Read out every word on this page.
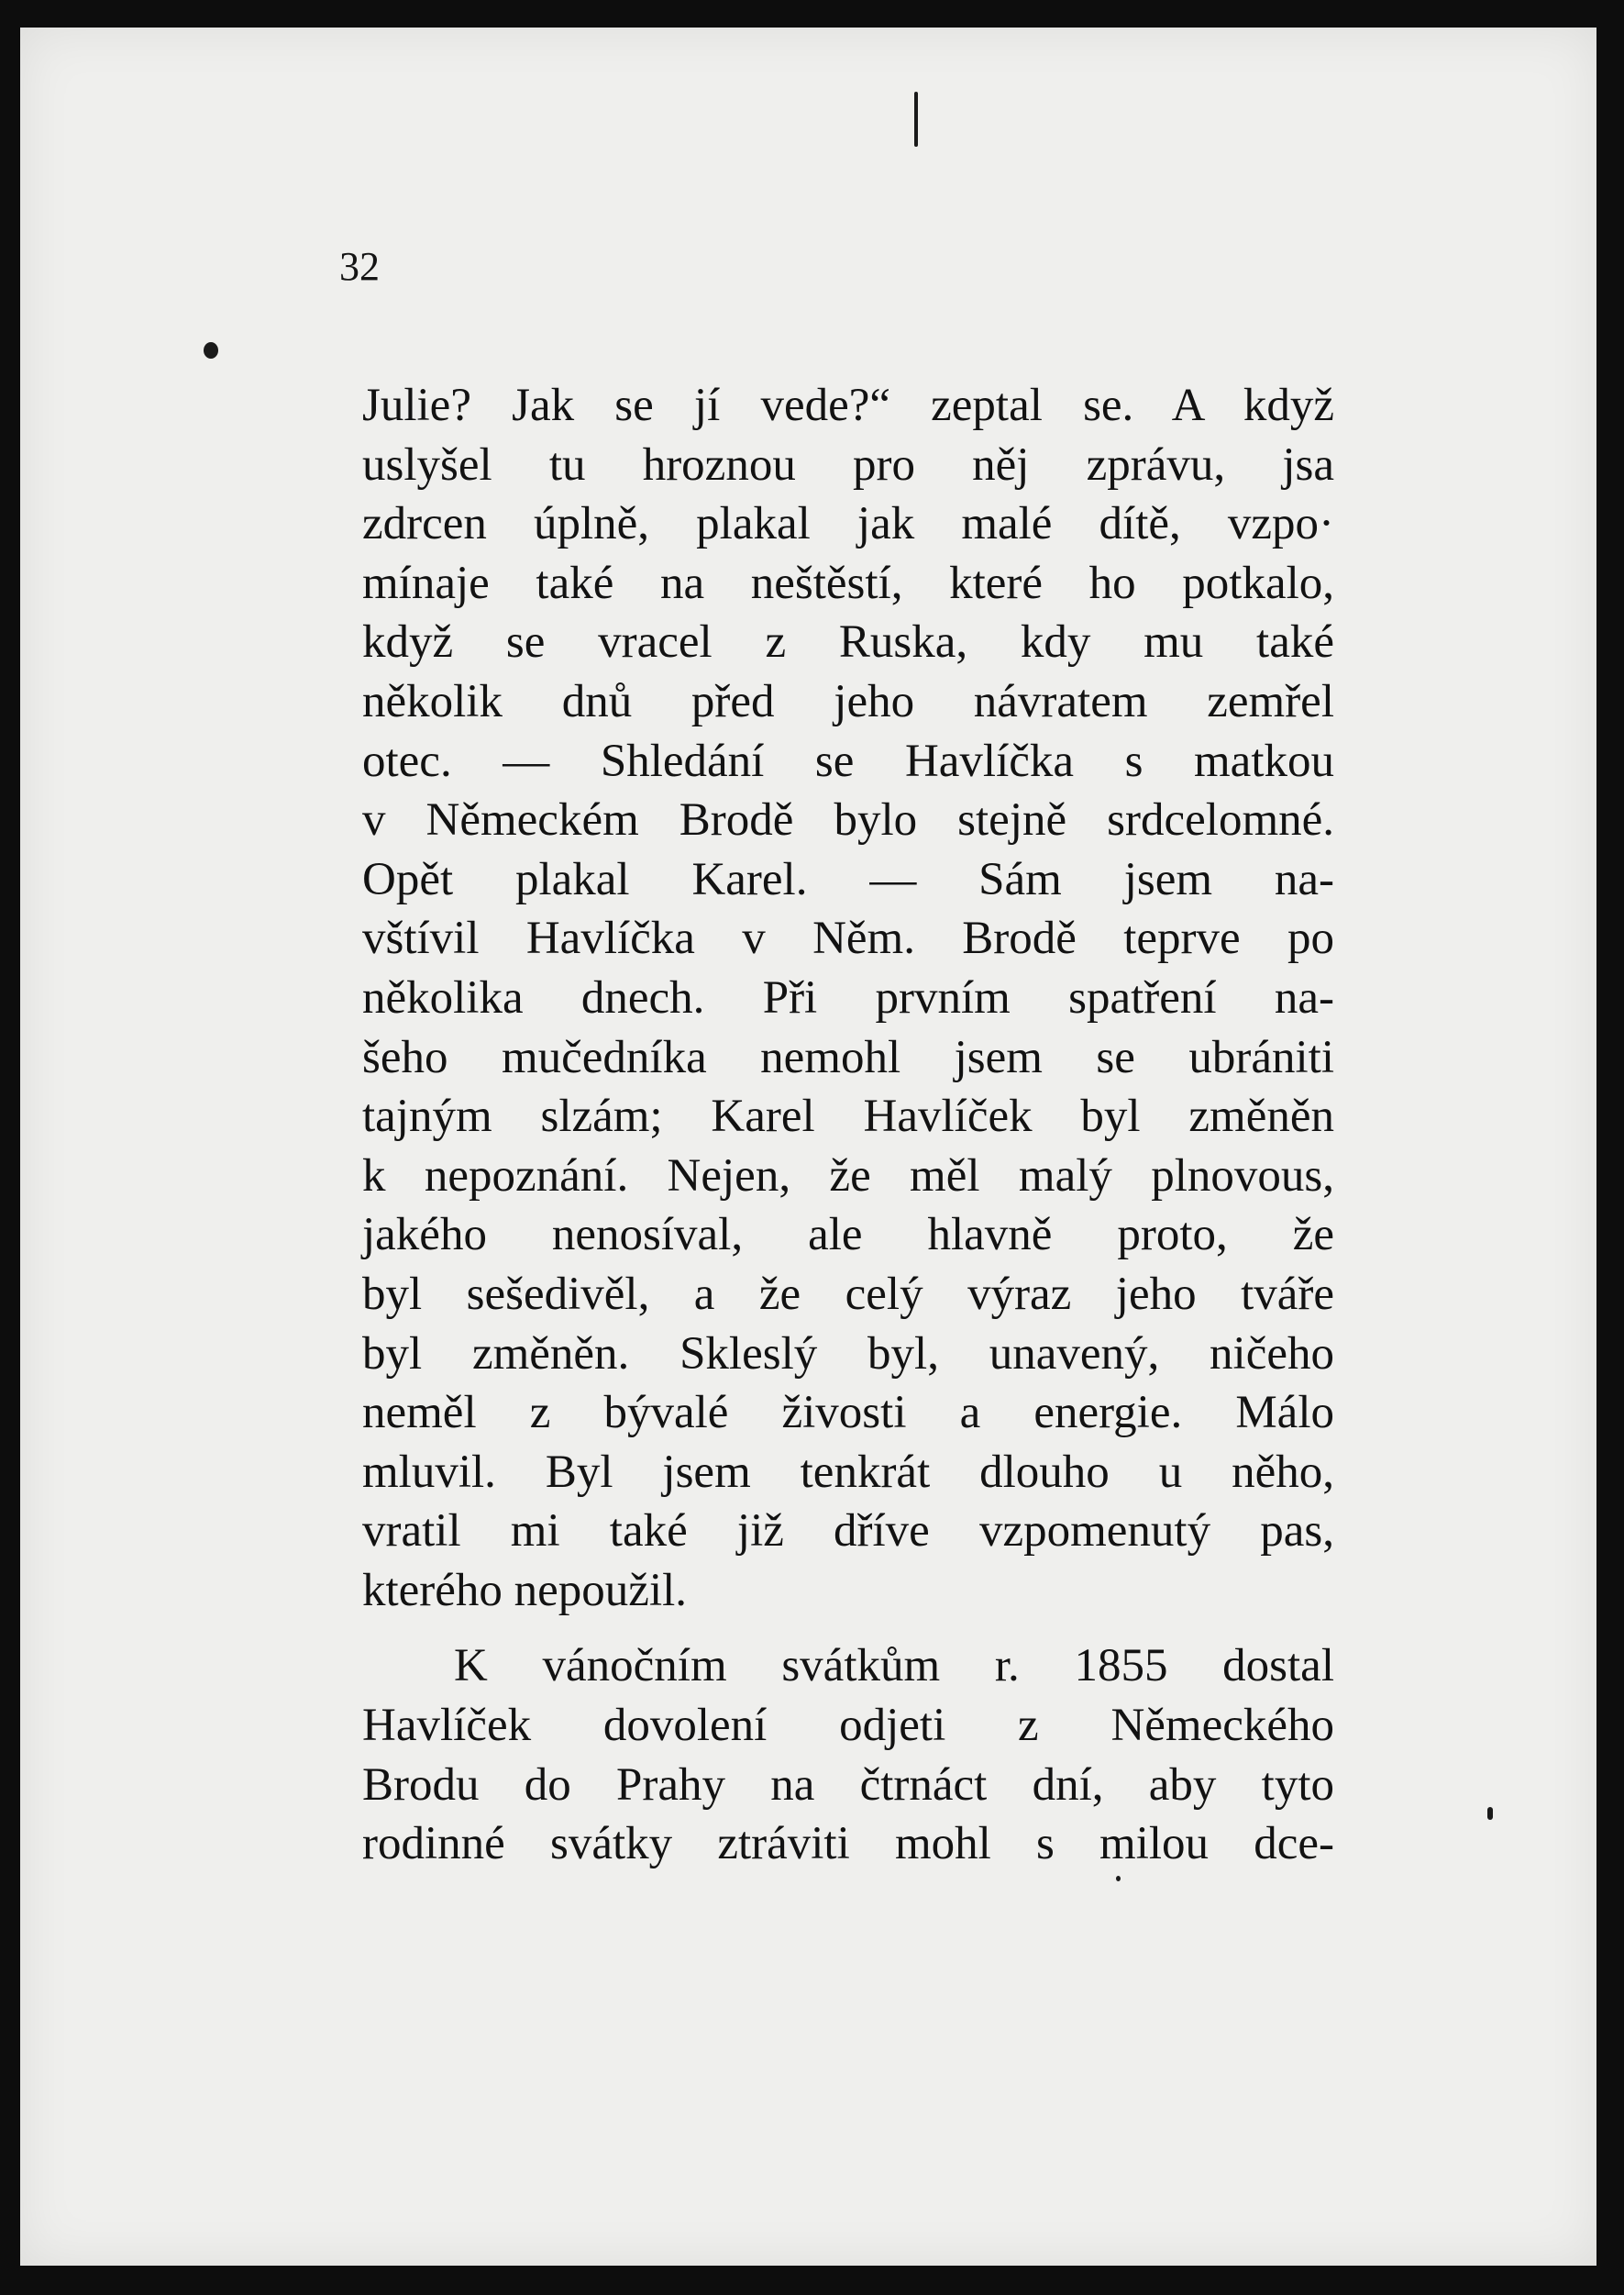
32
Julie? Jak se jí vede?“ zeptal se. A když
uslyšel tu hroznou pro něj zprávu, jsa
zdrcen úplně, plakal jak malé dítě, vzpo·
mínaje také na neštěstí, které ho potkalo,
když se vracel z Ruska, kdy mu také
několik dnů před jeho návratem zemřel
otec. — Shledání se Havlíčka s matkou
v Německém Brodě bylo stejně srdcelomné.
Opět plakal Karel. — Sám jsem na-
vštívil Havlíčka v Něm. Brodě teprve po
několika dnech. Při prvním spatření na-
šeho mučedníka nemohl jsem se ubrániti
tajným slzám; Karel Havlíček byl změněn
k nepoznání. Nejen, že měl malý plnovous,
jakého nenosíval, ale hlavně proto, že
byl sešedivěl, a že celý výraz jeho tváře
byl změněn. Skleslý byl, unavený, ničeho
neměl z bývalé živosti a energie. Málo
mluvil. Byl jsem tenkrát dlouho u něho,
vratil mi také již dříve vzpomenutý pas,
kterého nepoužil.
K vánočním svátkům r. 1855 dostal
Havlíček dovolení odjeti z Německého
Brodu do Prahy na čtrnáct dní, aby tyto
rodinné svátky ztráviti mohl s milou dce-
